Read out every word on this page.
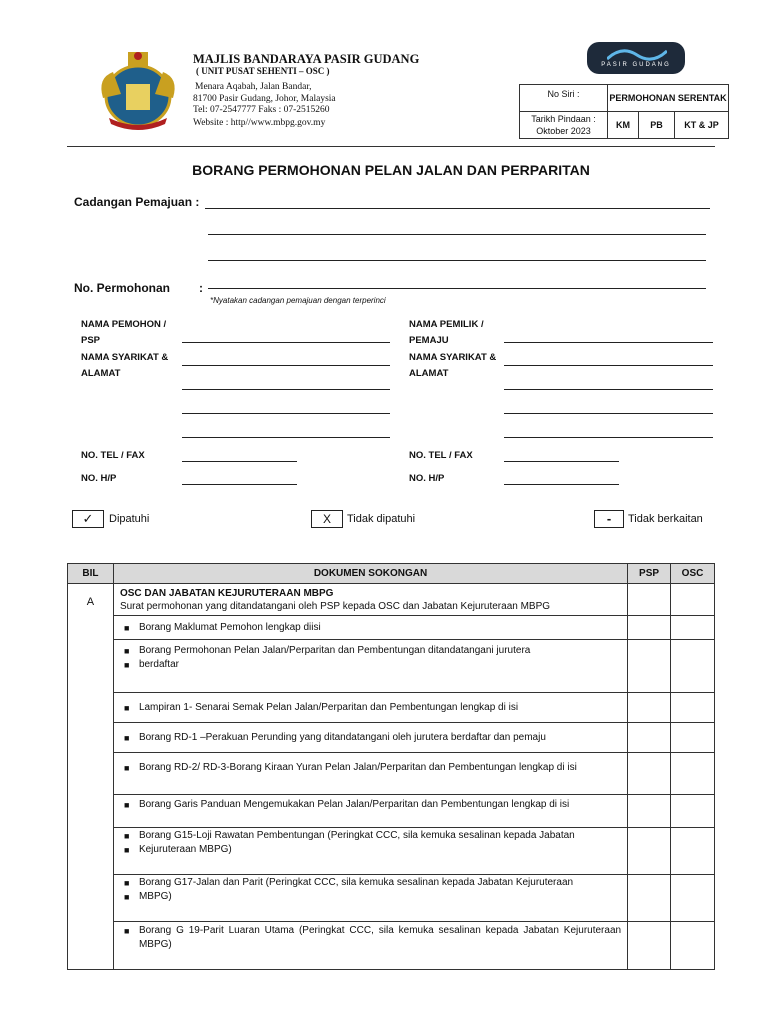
MAJLIS BANDARAYA PASIR GUDANG
( UNIT PUSAT SEHENTI – OSC )
Menara Aqabah, Jalan Bandar,
81700 Pasir Gudang, Johor, Malaysia
Tel: 07-2547777 Faks : 07-2515260
Website : http//www.mbpg.gov.my
PASIR GUDANG
No Siri :	PERMOHONAN SERENTAK		
Tarikh Pindaan :
Oktober 2023	KM	PB	KT & JP
BORANG PERMOHONAN PELAN JALAN DAN PERPARITAN
Cadangan Pemajuan :
No. Permohonan :
*Nyatakan cadangan pemajuan dengan terperinci
NAMA PEMOHON / PSP
NAMA SYARIKAT & ALAMAT
NO. TEL / FAX
NO. H/P
NAMA PEMILIK / PEMAJU
NAMA SYARIKAT & ALAMAT
NO. TEL / FAX
NO. H/P
✓	Dipatuhi	X	Tidak dipatuhi	-	Tidak berkaitan
BIL	DOKUMEN SOKONGAN	PSP	OSC
A	OSC DAN JABATAN KEJURUTERAAN MBPG
Surat permohonan yang ditandatangani oleh PSP kepada OSC dan Jabatan Kejuruteraan MBPG		

	■ Borang Maklumat Pemohon lengkap diisi		

	■ Borang Permohonan Pelan Jalan/Perparitan dan Pembentungan ditandatangani jurutera
■ berdaftar		

	■ Lampiran 1- Senarai Semak Pelan Jalan/Perparitan dan Pembentungan lengkap di isi		

	■ Borang RD-1 –Perakuan Perunding yang ditandatangani oleh jurutera berdaftar dan pemaju		

	■ Borang RD-2/ RD-3-Borang Kiraan Yuran Pelan Jalan/Perparitan dan Pembentungan lengkap di isi		

	■ Borang Garis Panduan Mengemukakan Pelan Jalan/Perparitan dan Pembentungan lengkap di isi		

	■ Borang G15-Loji Rawatan Pembentungan (Peringkat CCC, sila kemuka sesalinan kepada Jabatan
■ Kejuruteraan MBPG)		

	■ Borang G17-Jalan dan Parit (Peringkat CCC, sila kemuka sesalinan kepada Jabatan Kejuruteraan
■ MBPG)		

	■ Borang G 19-Parit Luaran Utama (Peringkat CCC, sila kemuka sesalinan kepada Jabatan Kejuruteraan MBPG)		
